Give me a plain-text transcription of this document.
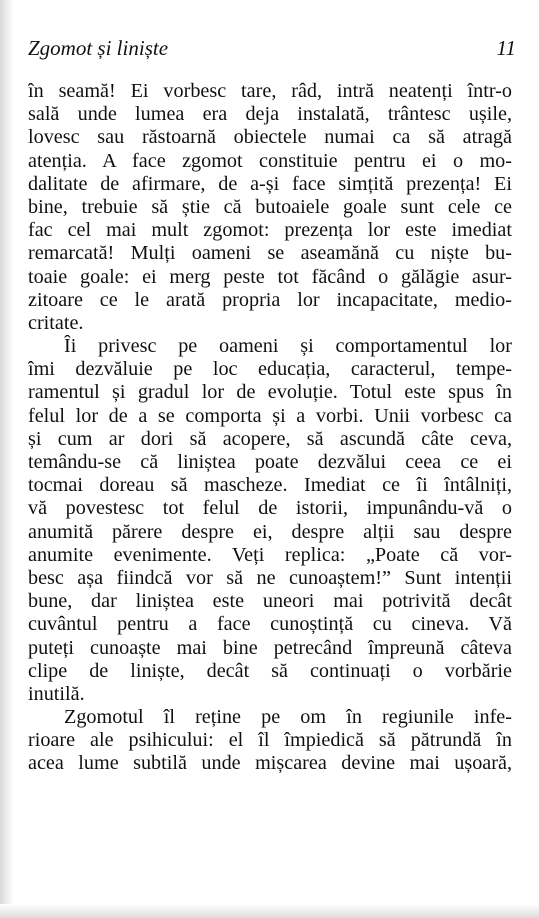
Zgomot și liniște	11
în seamă! Ei vorbesc tare, râd, intră neatenți într-o
sală unde lumea era deja instalată, trântesc ușile,
lovesc sau răstoarnă obiectele numai ca să atragă
atenția. A face zgomot constituie pentru ei o mo-
dalitate de afirmare, de a-și face simțită prezența! Ei
bine, trebuie să știe că butoaiele goale sunt cele ce
fac cel mai mult zgomot: prezența lor este imediat
remarcată! Mulți oameni se aseamănă cu niște bu-
toaie goale: ei merg peste tot făcând o gălăgie asur-
zitoare ce le arată propria lor incapacitate, medio-
critate.
Îi privesc pe oameni și comportamentul lor
îmi dezvăluie pe loc educația, caracterul, tempe-
ramentul și gradul lor de evoluție. Totul este spus în
felul lor de a se comporta și a vorbi. Unii vorbesc ca
și cum ar dori să acopere, să ascundă câte ceva,
temându-se că liniștea poate dezvălui ceea ce ei
tocmai doreau să mascheze. Imediat ce îi întâlniți,
vă povestesc tot felul de istorii, impunându-vă o
anumită părere despre ei, despre alții sau despre
anumite evenimente. Veți replica: „Poate că vor-
besc așa fiindcă vor să ne cunoaștem!” Sunt intenții
bune, dar liniștea este uneori mai potrivită decât
cuvântul pentru a face cunoștință cu cineva. Vă
puteți cunoaște mai bine petrecând împreună câteva
clipe de liniște, decât să continuați o vorbărie
inutilă.
Zgomotul îl reține pe om în regiunile infe-
rioare ale psihicului: el îl împiedică să pătrundă în
acea lume subtilă unde mișcarea devine mai ușoară,
